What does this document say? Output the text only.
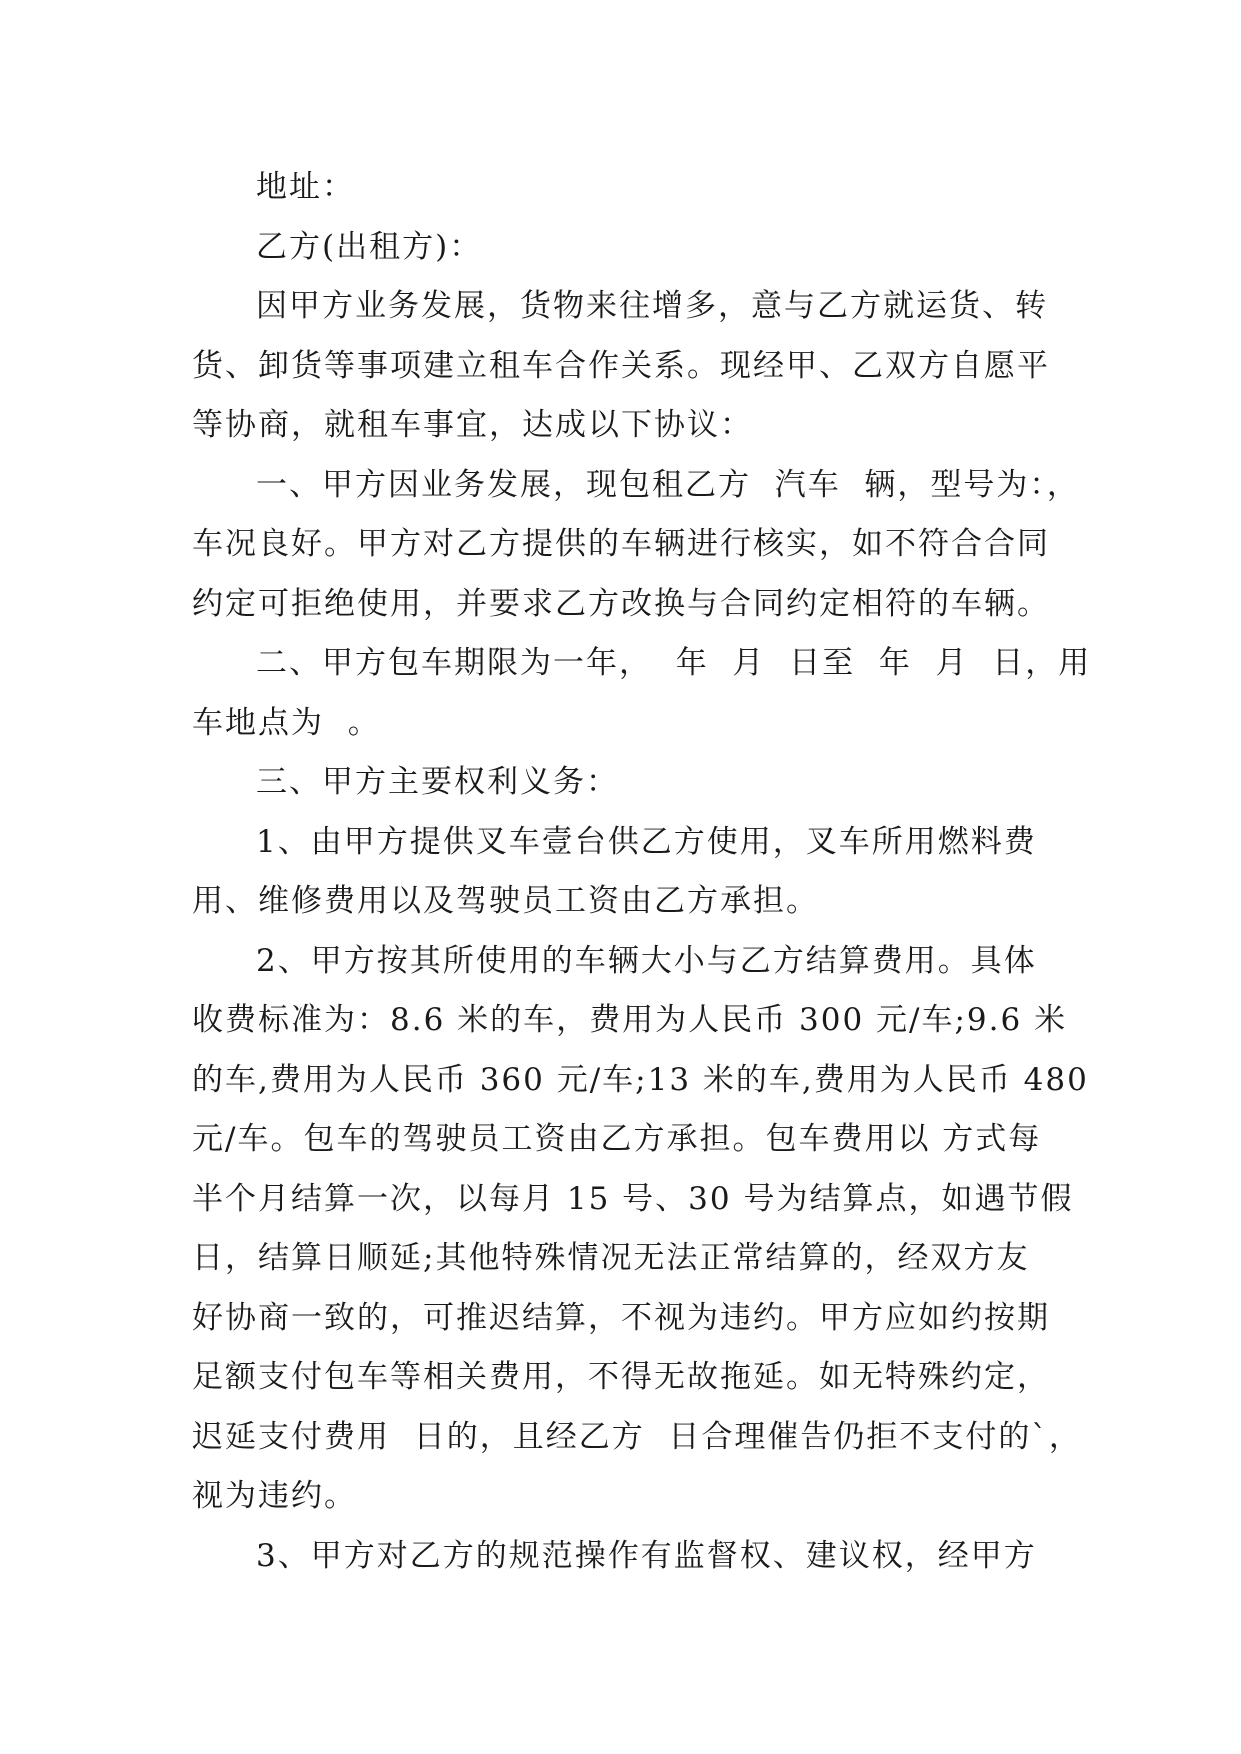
地址：

乙方(出租方)：

因甲方业务发展，货物来往增多，意与乙方就运货、转

货、卸货等事项建立租车合作关系。现经甲、乙双方自愿平

等协商，就租车事宜，达成以下协议：

一、甲方因业务发展，现包租乙方  汽车  辆，型号为：，

车况良好。甲方对乙方提供的车辆进行核实，如不符合合同

约定可拒绝使用，并要求乙方改换与合同约定相符的车辆。

二、甲方包车期限为一年，  年  月  日至  年  月  日，用

车地点为  。

三、甲方主要权利义务：

1、由甲方提供叉车壹台供乙方使用，叉车所用燃料费

用、维修费用以及驾驶员工资由乙方承担。

2、甲方按其所使用的车辆大小与乙方结算费用。具体

收费标准为：8.6 米的车，费用为人民币 300 元/车;9.6 米

的车,费用为人民币 360 元/车;13 米的车,费用为人民币 480

元/车。包车的驾驶员工资由乙方承担。包车费用以 方式每

半个月结算一次，以每月 15 号、30 号为结算点，如遇节假

日，结算日顺延;其他特殊情况无法正常结算的，经双方友

好协商一致的，可推迟结算，不视为违约。甲方应如约按期

足额支付包车等相关费用，不得无故拖延。如无特殊约定，

迟延支付费用  日的，且经乙方  日合理催告仍拒不支付的`，

视为违约。

3、甲方对乙方的规范操作有监督权、建议权，经甲方
